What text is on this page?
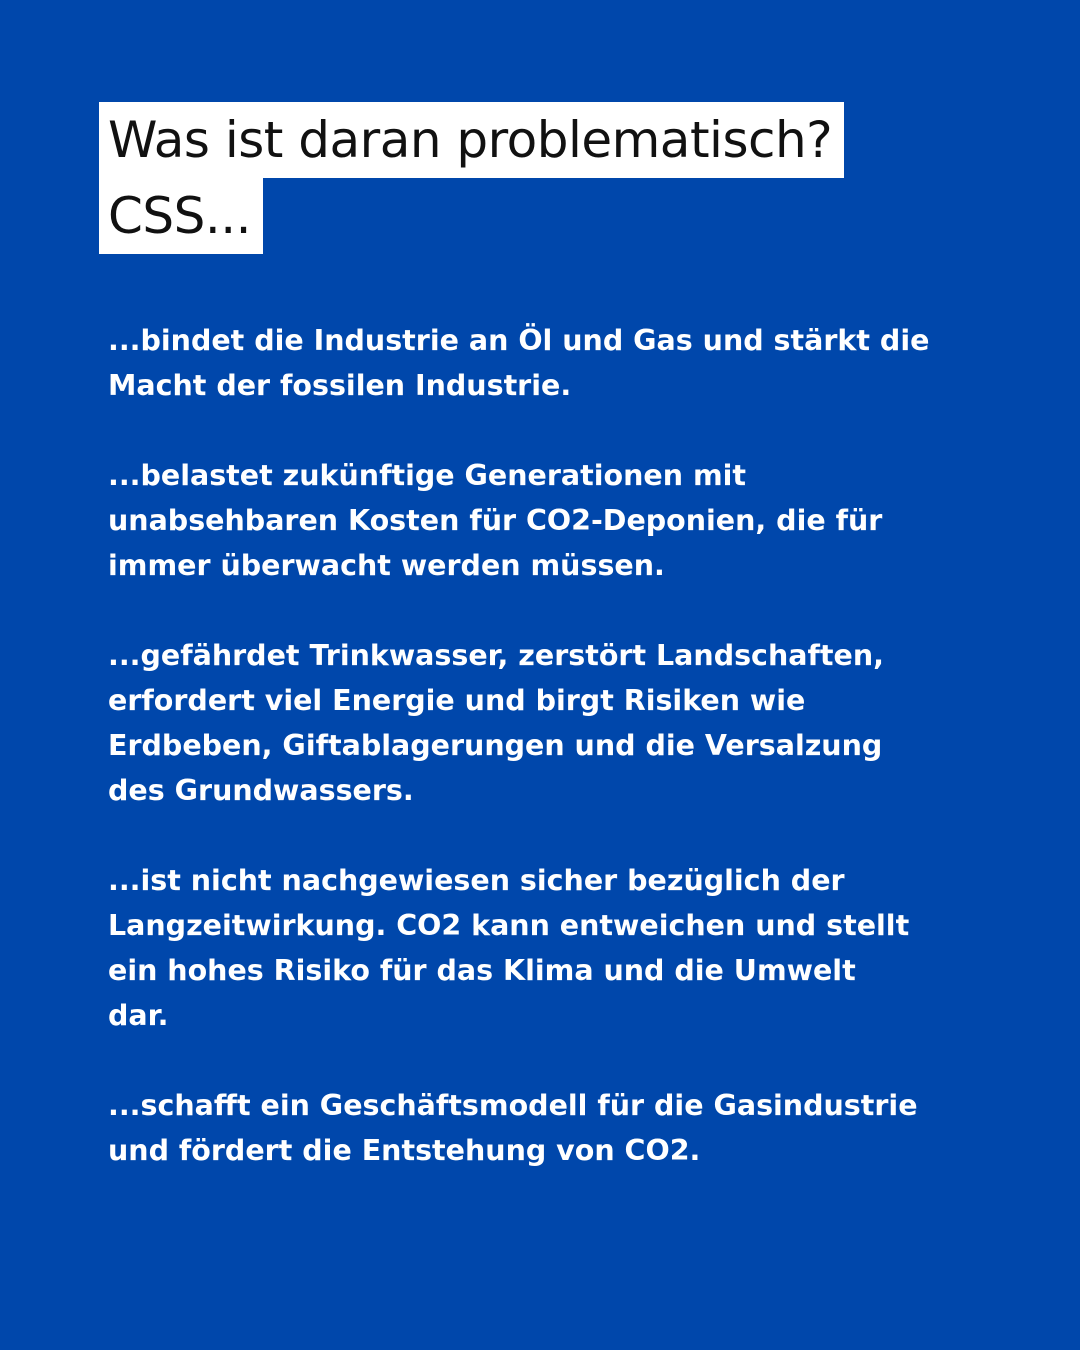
Was ist daran problematisch?
CSS...
...bindet die Industrie an Öl und Gas und stärkt die
Macht der fossilen Industrie.
...belastet zukünftige Generationen mit
unabsehbaren Kosten für CO2-Deponien, die für
immer überwacht werden müssen.
...gefährdet Trinkwasser, zerstört Landschaften,
erfordert viel Energie und birgt Risiken wie
Erdbeben, Giftablagerungen und die Versalzung
des Grundwassers.
...ist nicht nachgewiesen sicher bezüglich der
Langzeitwirkung. CO2 kann entweichen und stellt
ein hohes Risiko für das Klima und die Umwelt
dar.
...schafft ein Geschäftsmodell für die Gasindustrie
und fördert die Entstehung von CO2.
